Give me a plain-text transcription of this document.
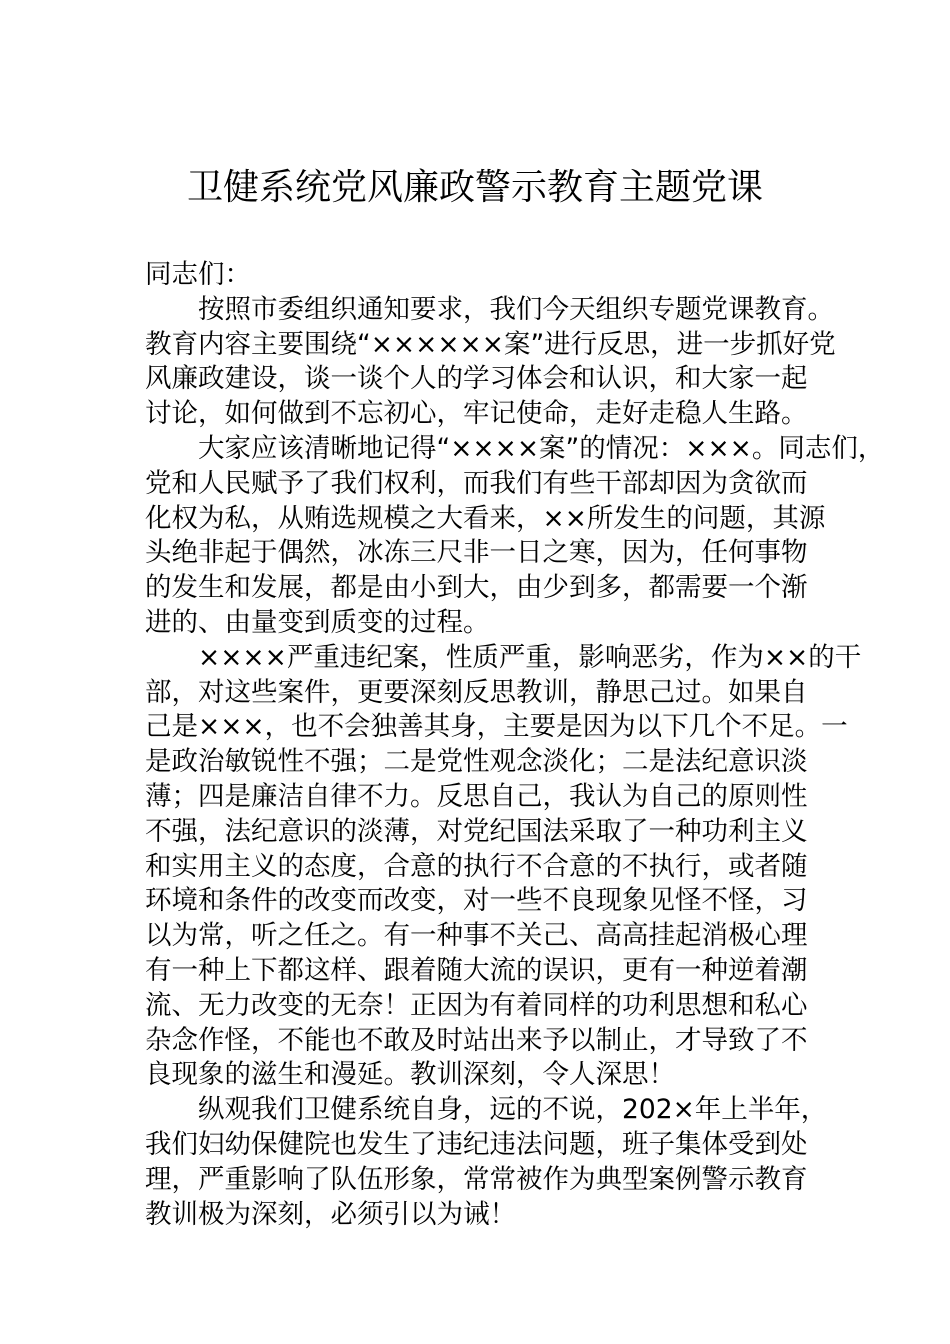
卫健系统党风廉政警示教育主题党课
同志们：
按照市委组织通知要求，我们今天组织专题党课教育。
教育内容主要围绕“××××××案”进行反思，进一步抓好党
风廉政建设，谈一谈个人的学习体会和认识，和大家一起
讨论，如何做到不忘初心，牢记使命，走好走稳人生路。
大家应该清晰地记得“××××案”的情况：×××。同志们，
党和人民赋予了我们权利，而我们有些干部却因为贪欲而
化权为私，从贿选规模之大看来，××所发生的问题，其源
头绝非起于偶然，冰冻三尺非一日之寒，因为，任何事物
的发生和发展，都是由小到大，由少到多，都需要一个渐
进的、由量变到质变的过程。
××××严重违纪案，性质严重，影响恶劣，作为××的干
部，对这些案件，更要深刻反思教训，静思己过。如果自
己是×××，也不会独善其身，主要是因为以下几个不足。一
是政治敏锐性不强；二是党性观念淡化；二是法纪意识淡
薄；四是廉洁自律不力。反思自己，我认为自己的原则性
不强，法纪意识的淡薄，对党纪国法采取了一种功利主义
和实用主义的态度，合意的执行不合意的不执行，或者随
环境和条件的改变而改变，对一些不良现象见怪不怪，习
以为常，听之任之。有一种事不关己、高高挂起消极心理
有一种上下都这样、跟着随大流的误识，更有一种逆着潮
流、无力改变的无奈！正因为有着同样的功利思想和私心
杂念作怪，不能也不敢及时站出来予以制止，才导致了不
良现象的滋生和漫延。教训深刻，令人深思！
纵观我们卫健系统自身，远的不说，202×年上半年，
我们妇幼保健院也发生了违纪违法问题，班子集体受到处
理，严重影响了队伍形象，常常被作为典型案例警示教育
教训极为深刻，必须引以为诫！
